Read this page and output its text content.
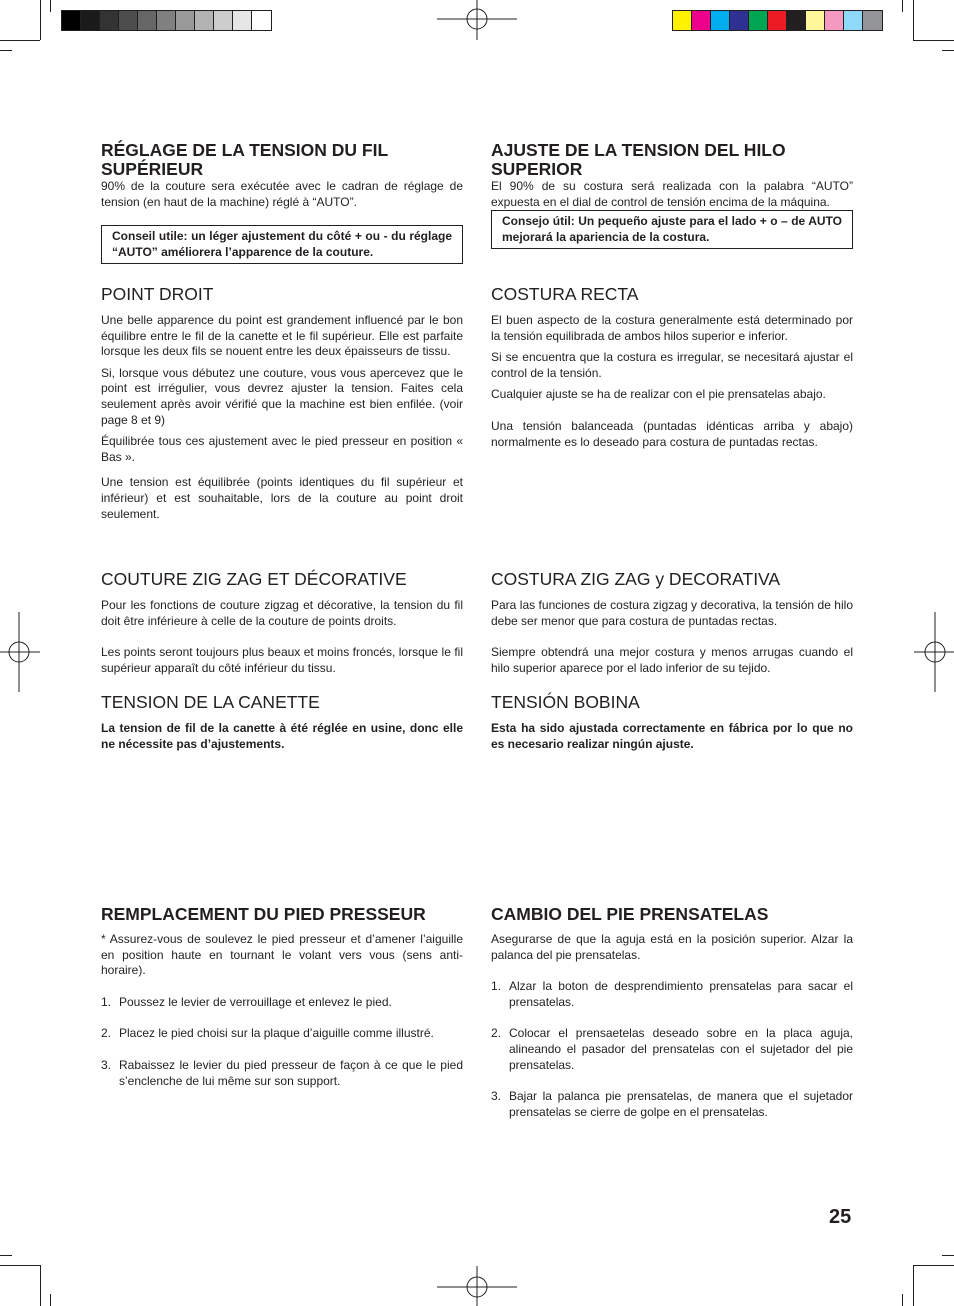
RÉGLAGE DE LA TENSION DU FIL SUPÉRIEUR

90% de la couture sera exécutée avec le cadran de réglage de tension (en haut de la machine) réglé à “AUTO”.

Conseil utile: un léger ajustement du côté + ou - du réglage “AUTO” améliorera l’apparence de la couture.
POINT DROIT

Une belle apparence du point est grandement influencé par le bon équilibre entre le fil de la canette et le fil supérieur. Elle est parfaite lorsque les deux fils se nouent entre les deux épaisseurs de tissu.

Si, lorsque vous débutez une couture, vous vous apercevez que le point est irrégulier, vous devrez ajuster la tension. Faites cela seulement après avoir vérifié que la machine est bien enfilée. (voir page 8 et 9)

Équilibrée tous ces ajustement avec le pied presseur en position « Bas ».

Une tension est équilibrée (points identiques du fil supérieur et inférieur) et est souhaitable, lors de la couture au point droit seulement.

COUTURE ZIG ZAG ET DÉCORATIVE

Pour les fonctions de couture zigzag et décorative, la tension du fil doit être inférieure à celle de la couture de points droits.

Les points seront toujours plus beaux et moins froncés, lorsque le fil supérieur apparaît du côté inférieur du tissu.

TENSION DE LA CANETTE

La tension de fil de la canette à été réglée en usine, donc elle ne nécessite pas d’ajustements.

REMPLACEMENT DU PIED PRESSEUR

* Assurez-vous de soulevez le pied presseur et d’amener l’aiguille en position haute en tournant le volant vers vous (sens anti-horaire).

1. Poussez le levier de verrouillage et enlevez le pied.
2. Placez le pied choisi sur la plaque d’aiguille comme illustré.
3. Rabaissez le levier du pied presseur de façon à ce que le pied s’enclenche de lui même sur son support.
AJUSTE DE LA TENSION DEL HILO SUPERIOR

El 90% de su costura será realizada con la palabra “AUTO” expuesta en el dial de control de tensión encima de la máquina.

Consejo útil: Un pequeño ajuste para el lado + o – de AUTO mejorará la apariencia de la costura.
COSTURA RECTA

El buen aspecto de la costura generalmente está determinado por la tensión equilibrada de ambos hilos superior e inferior.

Si se encuentra que la costura es irregular, se necesitará ajustar el control de la tensión.

Cualquier ajuste se ha de realizar con el pie prensatelas abajo.

Una tensión balanceada (puntadas idénticas arriba y abajo) normalmente es lo deseado para costura de puntadas rectas.

COSTURA ZIG ZAG y DECORATIVA

Para las funciones de costura zigzag y decorativa, la tensión de hilo debe ser menor que para costura de puntadas rectas.

Siempre obtendrá una mejor costura y menos arrugas cuando el hilo superior aparece por el lado inferior de su tejido.

TENSIÓN BOBINA

Esta ha sido ajustada correctamente en fábrica por lo que no es necesario realizar ningún ajuste.

CAMBIO DEL PIE PRENSATELAS

Asegurarse de que la aguja está en la posición superior. Alzar la palanca del pie prensatelas.

1. Alzar la boton de desprendimiento prensatelas para sacar el prensatelas.
2. Colocar el prensaetelas deseado sobre en la placa aguja, alineando el pasador del prensatelas con el sujetador del pie prensatelas.
3. Bajar la palanca pie prensatelas, de manera que el sujetador prensatelas se cierre de golpe en el prensatelas.
25
